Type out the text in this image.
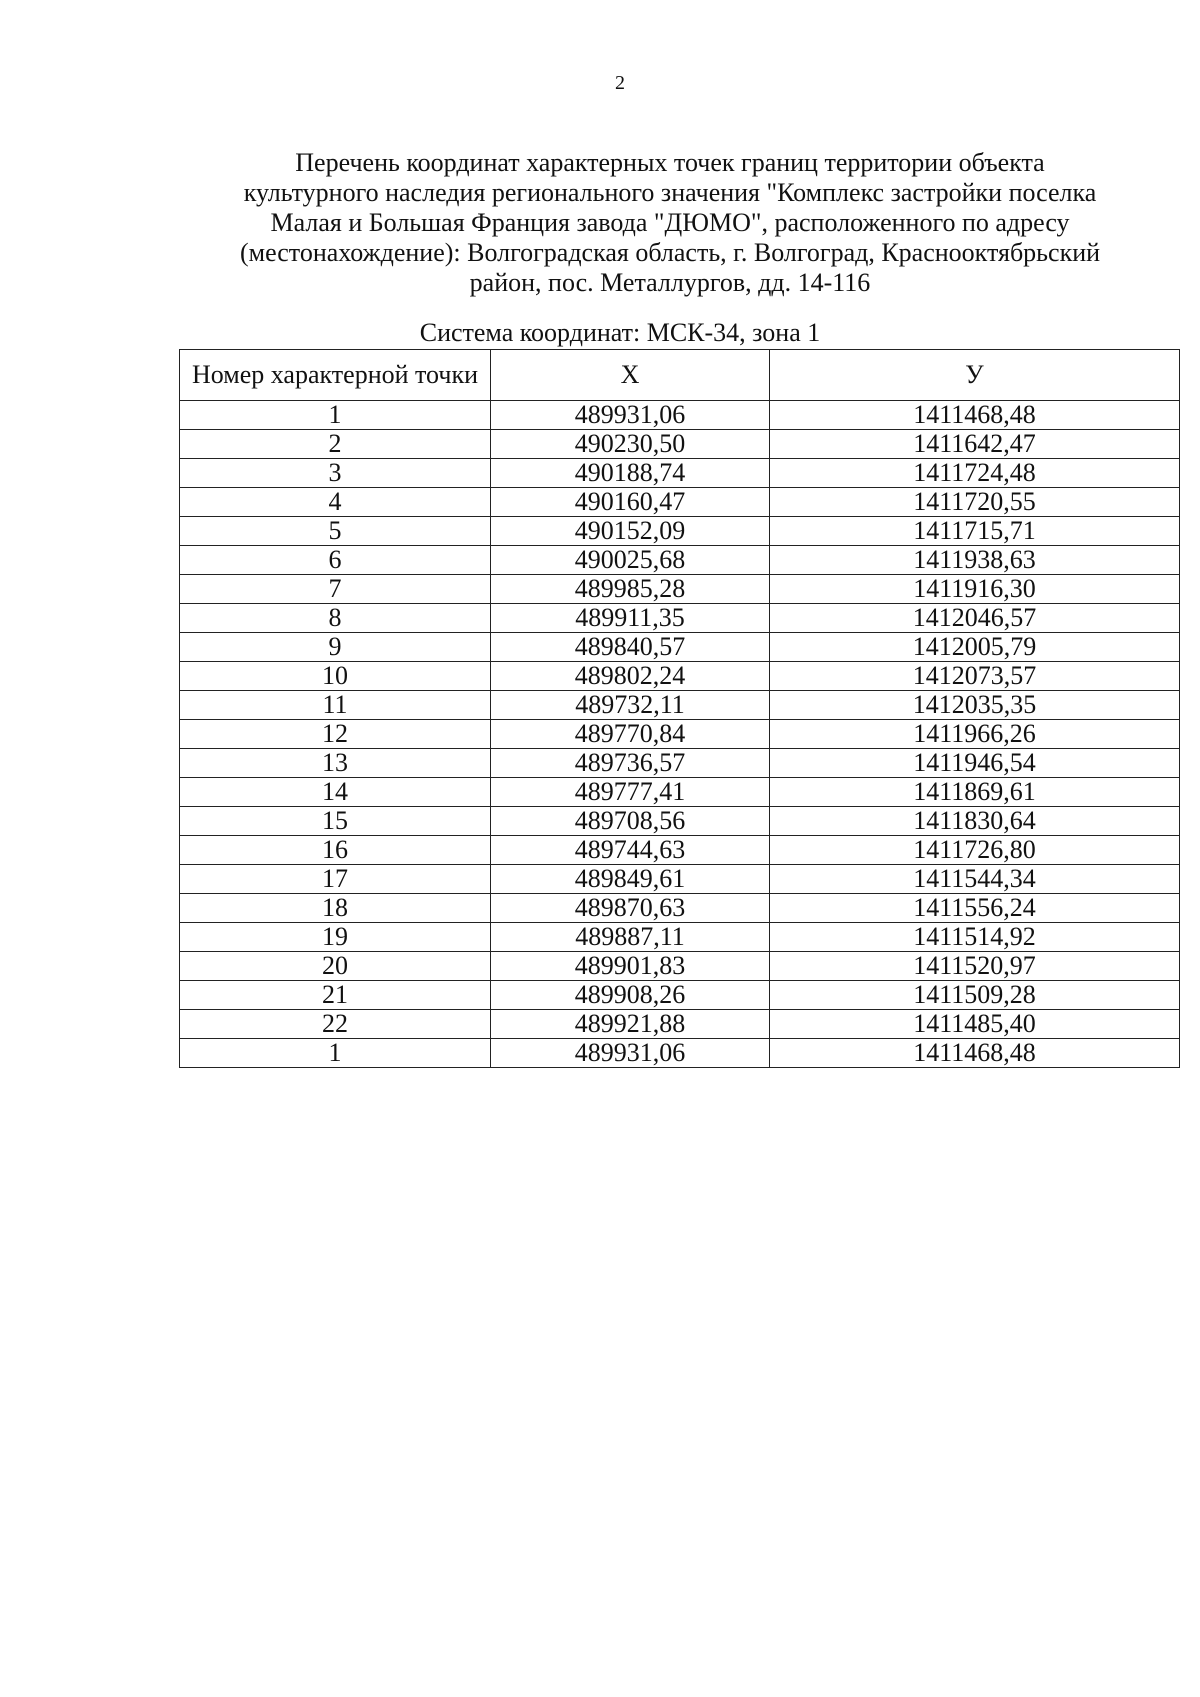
2
Перечень координат характерных точек границ территории объекта
культурного наследия регионального значения "Комплекс застройки поселка
Малая и Большая Франция завода "ДЮМО", расположенного по адресу
(местонахождение): Волгоградская область, г. Волгоград, Краснооктябрьский
район, пос. Металлургов, дд. 14-116
Система координат: МСК-34, зона 1
Номер характерной точки	X	У
1	489931,06	1411468,48
2	490230,50	1411642,47
3	490188,74	1411724,48
4	490160,47	1411720,55
5	490152,09	1411715,71
6	490025,68	1411938,63
7	489985,28	1411916,30
8	489911,35	1412046,57
9	489840,57	1412005,79
10	489802,24	1412073,57
11	489732,11	1412035,35
12	489770,84	1411966,26
13	489736,57	1411946,54
14	489777,41	1411869,61
15	489708,56	1411830,64
16	489744,63	1411726,80
17	489849,61	1411544,34
18	489870,63	1411556,24
19	489887,11	1411514,92
20	489901,83	1411520,97
21	489908,26	1411509,28
22	489921,88	1411485,40
1	489931,06	1411468,48
